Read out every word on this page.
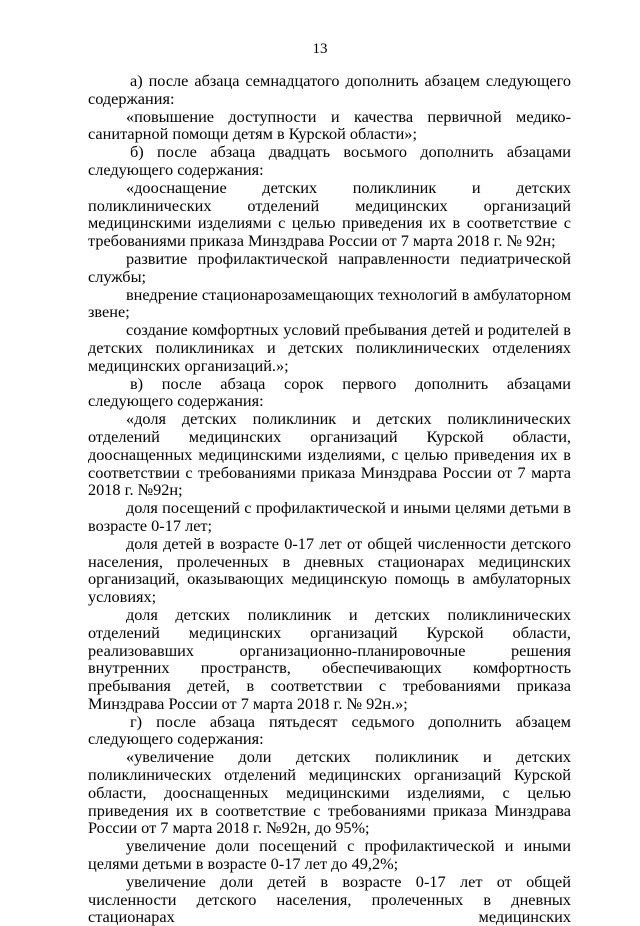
13

а) после абзаца семнадцатого дополнить абзацем следующего содержания:

«повышение доступности и качества первичной медико-санитарной помощи детям в Курской области»;

б) после абзаца двадцать восьмого дополнить абзацами следующего содержания:

«дооснащение детских поликлиник и детских поликлинических отделений медицинских организаций медицинскими изделиями с целью приведения их в соответствие с требованиями приказа Минздрава России от 7 марта 2018 г. № 92н;

развитие профилактической направленности педиатрической службы;

внедрение стационарозамещающих технологий в амбулаторном звене;

создание комфортных условий пребывания детей и родителей в детских поликлиниках и детских поликлинических отделениях медицинских организаций.»;

в) после абзаца сорок первого дополнить абзацами следующего содержания:

«доля детских поликлиник и детских поликлинических отделений медицинских организаций Курской области, дооснащенных медицинскими изделиями, с целью приведения их в соответствии с требованиями приказа Минздрава России от 7 марта 2018 г. №92н;

доля посещений с профилактической и иными целями детьми в возрасте 0-17 лет;

доля детей в возрасте 0-17 лет от общей численности детского населения, пролеченных в дневных стационарах медицинских организаций, оказывающих медицинскую помощь в амбулаторных условиях;

доля детских поликлиник и детских поликлинических отделений медицинских организаций Курской области, реализовавших организационно-планировочные решения внутренних пространств, обеспечивающих комфортность пребывания детей, в соответствии с требованиями приказа Минздрава России от 7 марта 2018 г. № 92н.»;

г) после абзаца пятьдесят седьмого дополнить абзацем следующего содержания:

«увеличение доли детских поликлиник и детских поликлинических отделений медицинских организаций Курской области, дооснащенных медицинскими изделиями, с целью приведения их в соответствие с требованиями приказа Минздрава России от 7 марта 2018 г. №92н, до 95%;

увеличение доли посещений с профилактической и иными целями детьми в возрасте 0-17 лет до 49,2%;

увеличение доли детей в возрасте 0-17 лет от общей численности детского населения, пролеченных в дневных стационарах медицинских
